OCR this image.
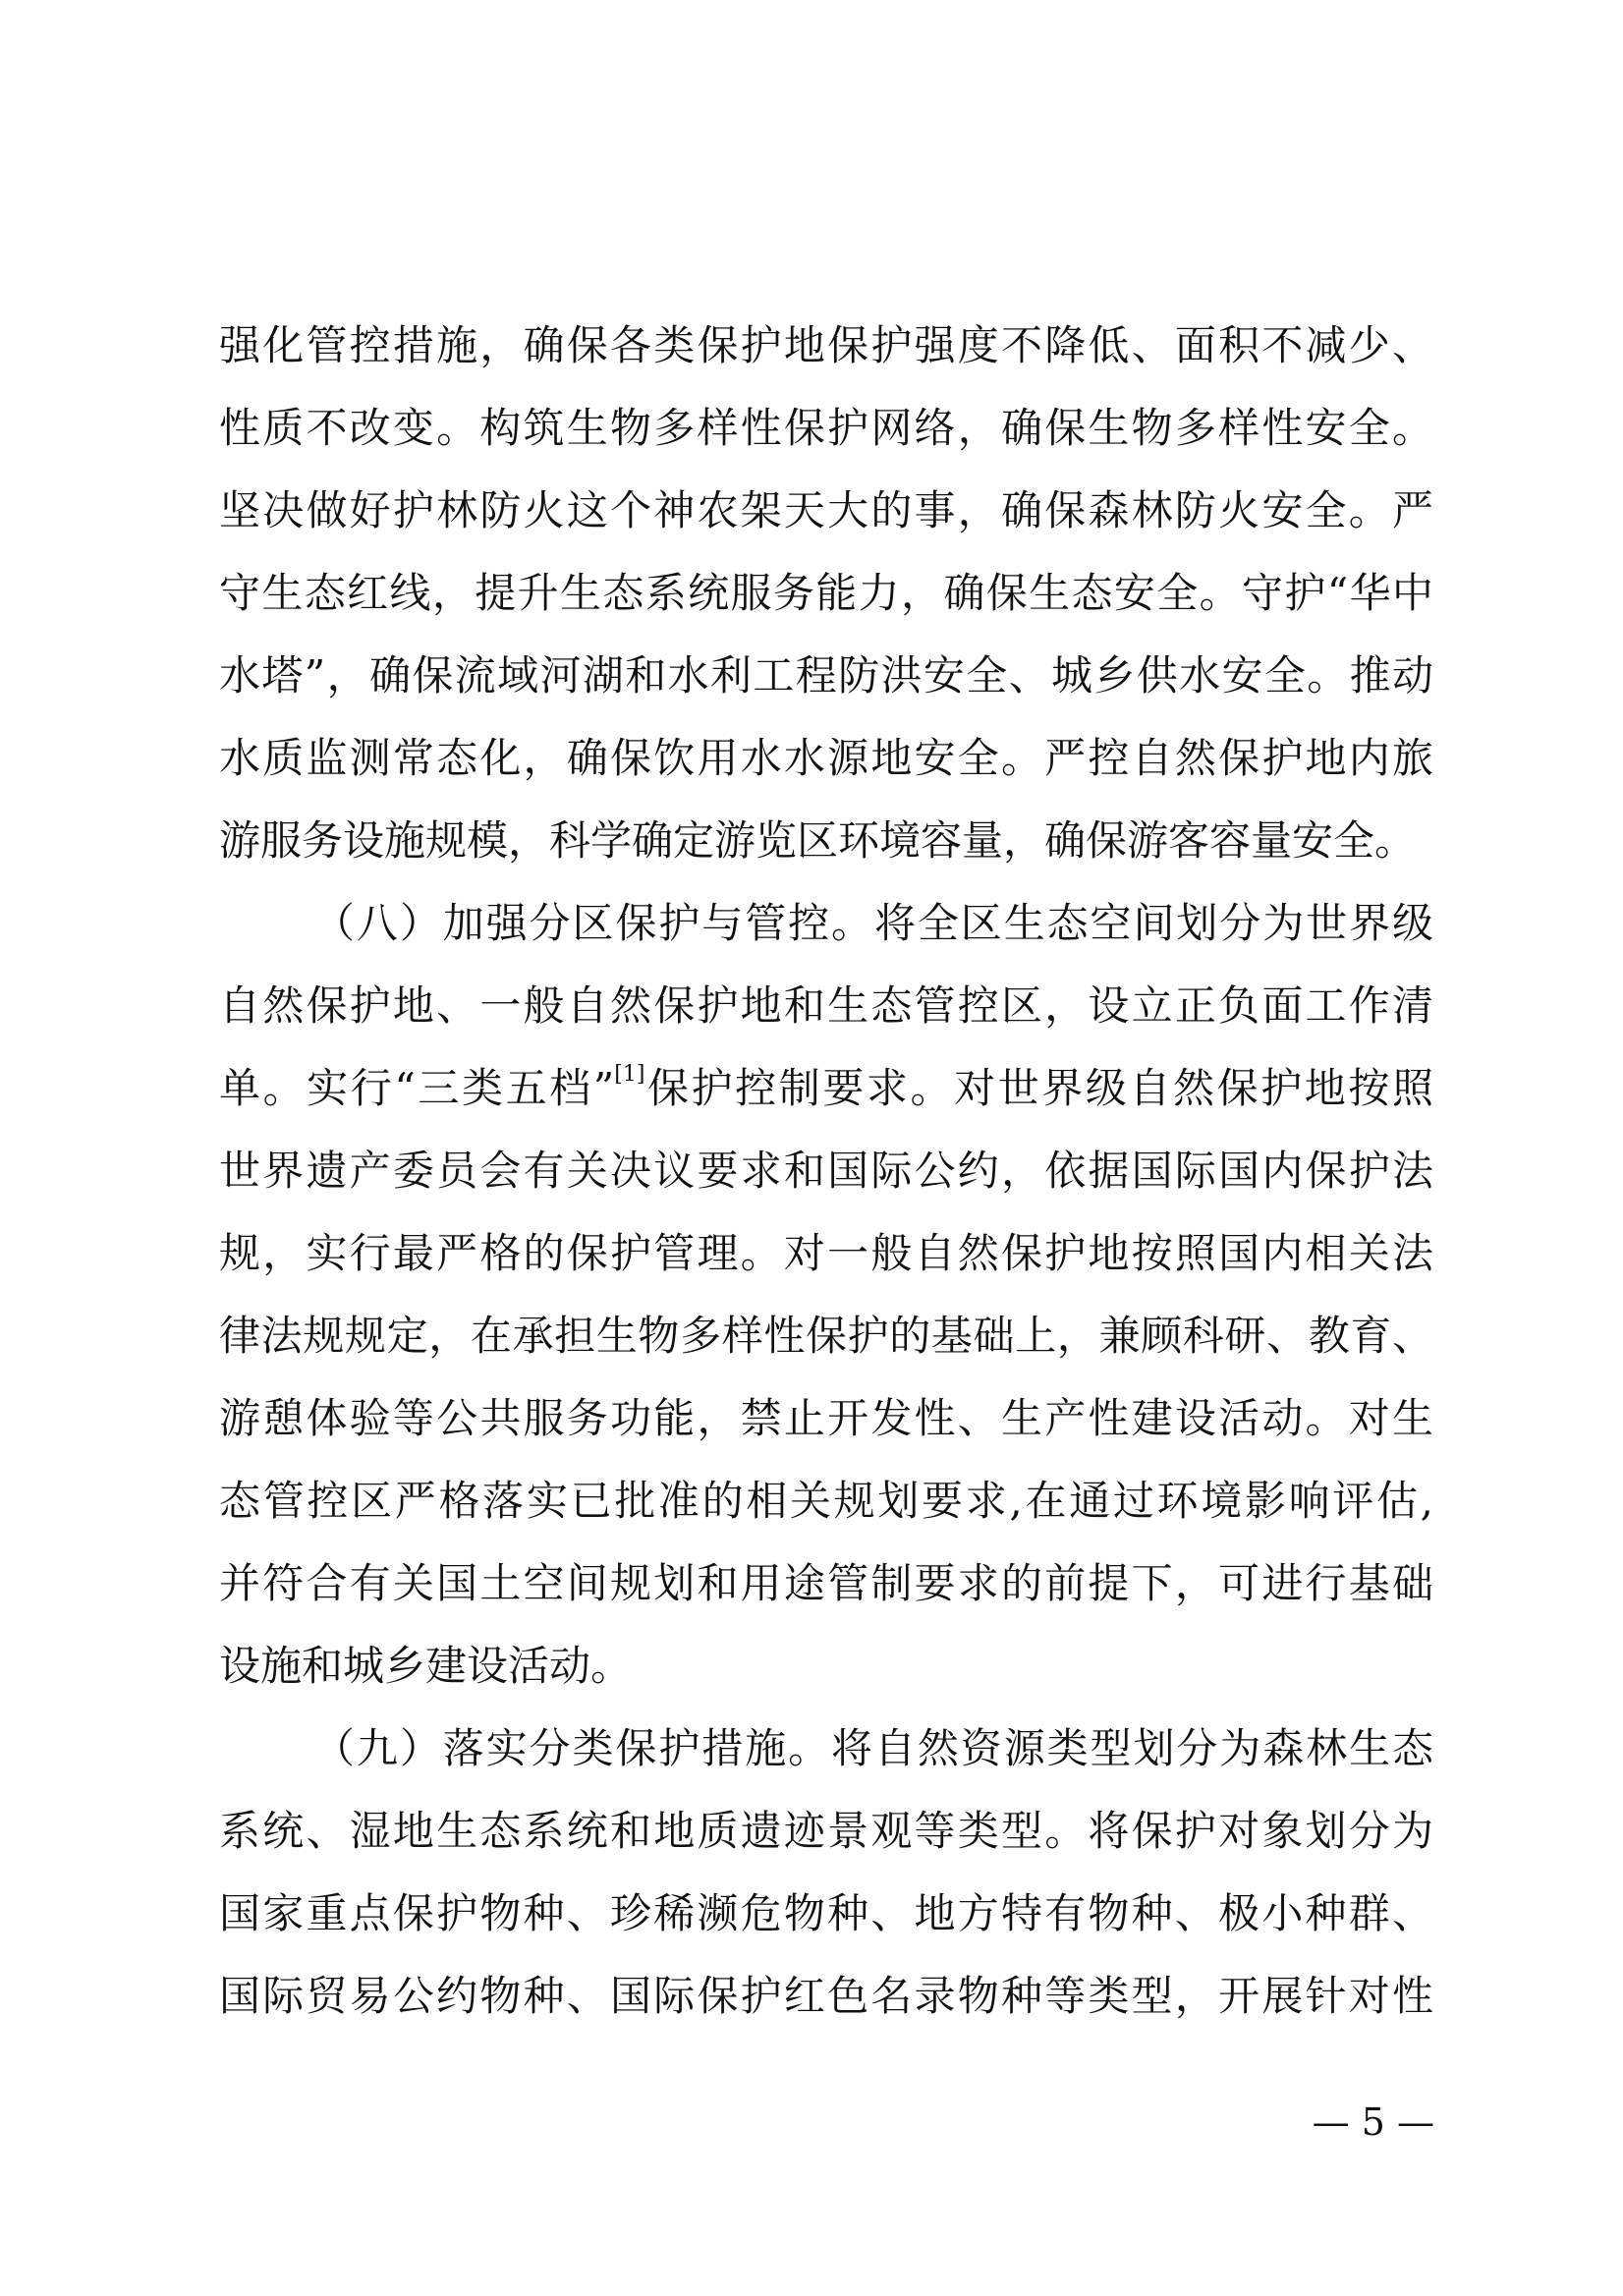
强化管控措施，确保各类保护地保护强度不降低、面积不减少、
性质不改变。构筑生物多样性保护网络，确保生物多样性安全。
坚决做好护林防火这个神农架天大的事，确保森林防火安全。严
守生态红线，提升生态系统服务能力，确保生态安全。守护“华中
水塔”，确保流域河湖和水利工程防洪安全、城乡供水安全。推动
水质监测常态化，确保饮用水水源地安全。严控自然保护地内旅
游服务设施规模，科学确定游览区环境容量，确保游客容量安全。
（八）加强分区保护与管控。将全区生态空间划分为世界级
自然保护地、一般自然保护地和生态管控区，设立正负面工作清
单。实行“三类五档”[1]保护控制要求。对世界级自然保护地按照
世界遗产委员会有关决议要求和国际公约，依据国际国内保护法
规，实行最严格的保护管理。对一般自然保护地按照国内相关法
律法规规定，在承担生物多样性保护的基础上，兼顾科研、教育、
游憩体验等公共服务功能，禁止开发性、生产性建设活动。对生
态管控区严格落实已批准的相关规划要求,在通过环境影响评估,
并符合有关国土空间规划和用途管制要求的前提下，可进行基础
设施和城乡建设活动。
（九）落实分类保护措施。将自然资源类型划分为森林生态
系统、湿地生态系统和地质遗迹景观等类型。将保护对象划分为
国家重点保护物种、珍稀濒危物种、地方特有物种、极小种群、
国际贸易公约物种、国际保护红色名录物种等类型，开展针对性
— 5 —
